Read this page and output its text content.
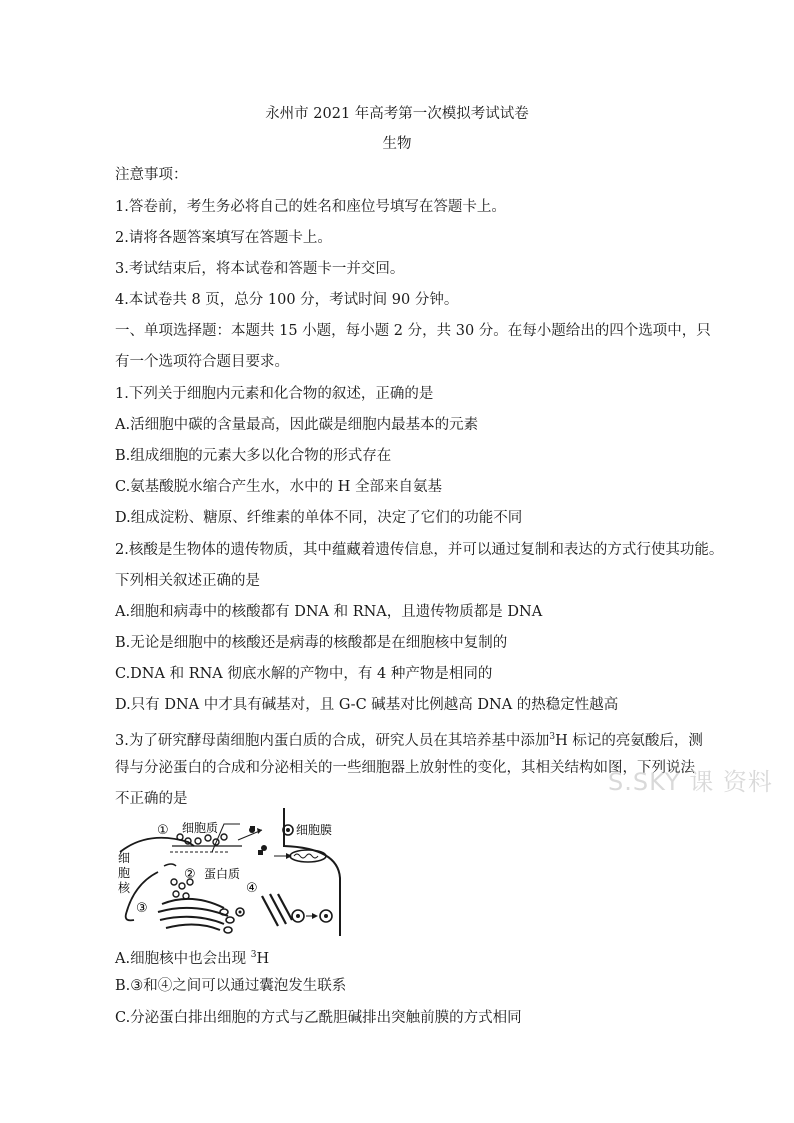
永州市 2021 年高考第一次模拟考试试卷
生物
注意事项：
1.答卷前，考生务必将自己的姓名和座位号填写在答题卡上。
2.请将各题答案填写在答题卡上。
3.考试结束后，将本试卷和答题卡一并交回。
4.本试卷共 8 页，总分 100 分，考试时间 90 分钟。
一、单项选择题：本题共 15 小题，每小题 2 分，共 30 分。在每小题给出的四个选项中，只
有一个选项符合题目要求。
1.下列关于细胞内元素和化合物的叙述，正确的是
A.活细胞中碳的含量最高，因此碳是细胞内最基本的元素
B.组成细胞的元素大多以化合物的形式存在
C.氨基酸脱水缩合产生水，水中的 H 全部来自氨基
D.组成淀粉、糖原、纤维素的单体不同，决定了它们的功能不同
2.核酸是生物体的遗传物质，其中蕴藏着遗传信息，并可以通过复制和表达的方式行使其功能。
下列相关叙述正确的是
A.细胞和病毒中的核酸都有 DNA 和 RNA，且遗传物质都是 DNA
B.无论是细胞中的核酸还是病毒的核酸都是在细胞核中复制的
C.DNA 和 RNA 彻底水解的产物中，有 4 种产物是相同的
D.只有 DNA 中才具有碱基对，且 G-C 碱基对比例越高 DNA 的热稳定性越高
3.为了研究酵母菌细胞内蛋白质的合成，研究人员在其培养基中添加$^3$H 标记的亮氨酸后，测
得与分泌蛋白的合成和分泌相关的一些细胞器上放射性的变化，其相关结构如图，下列说法
不正确的是
① 细胞质	细胞膜
细
胞
核
② 蛋白质
③
④
S.SKY 课 资料
A.细胞核中也会出现 $^3$H
B.③和④之间可以通过囊泡发生联系
C.分泌蛋白排出细胞的方式与乙酰胆碱排出突触前膜的方式相同
